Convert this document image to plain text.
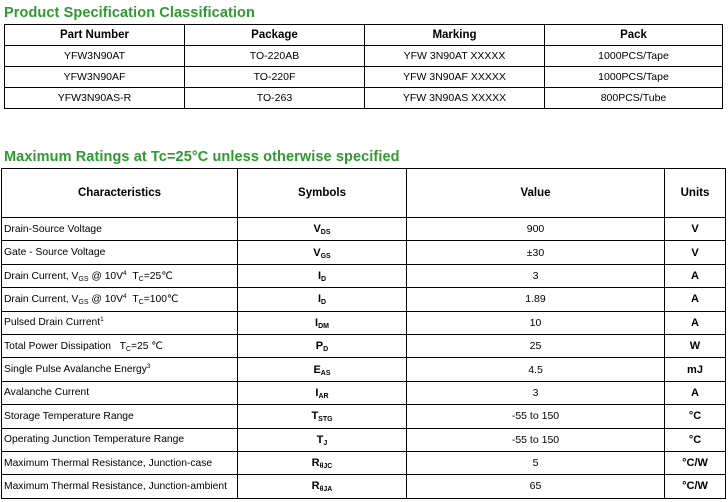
Product Specification Classification
Part Number	Package	Marking	Pack
YFW3N90AT	TO-220AB	YFW 3N90AT XXXXX	1000PCS/Tape
YFW3N90AF	TO-220F	YFW 3N90AF XXXXX	1000PCS/Tape
YFW3N90AS-R	TO-263	YFW 3N90AS XXXXX	800PCS/Tube
Maximum Ratings at Tc=25°C unless otherwise specified
Characteristics	Symbols	Value	Units
Drain-Source Voltage	$V_{DS}$	900	V
Gate - Source Voltage	$V_{GS}$	±30	V
Drain Current, $V_{GS}$ @ $10V^4$  $T_C=25℃$	$I_D$	3	A
Drain Current, $V_{GS}$ @ $10V^4$  $T_C=100℃$	$I_D$	1.89	A
Pulsed Drain Current$^1$	$I_{DM}$	10	A
Total Power Dissipation   $T_C=25$ ℃	$P_D$	25	W
Single Pulse Avalanche Energy$^3$	$E_{AS}$	4.5	mJ
Avalanche Current	$I_{AR}$	3	A
Storage Temperature Range	$T_{STG}$	-55 to 150	°C
Operating Junction Temperature Range	$T_J$	-55 to 150	°C
Maximum Thermal Resistance, Junction-case	$R_{\theta JC}$	5	°C/W
Maximum Thermal Resistance, Junction-ambient	$R_{\theta JA}$	65	°C/W
